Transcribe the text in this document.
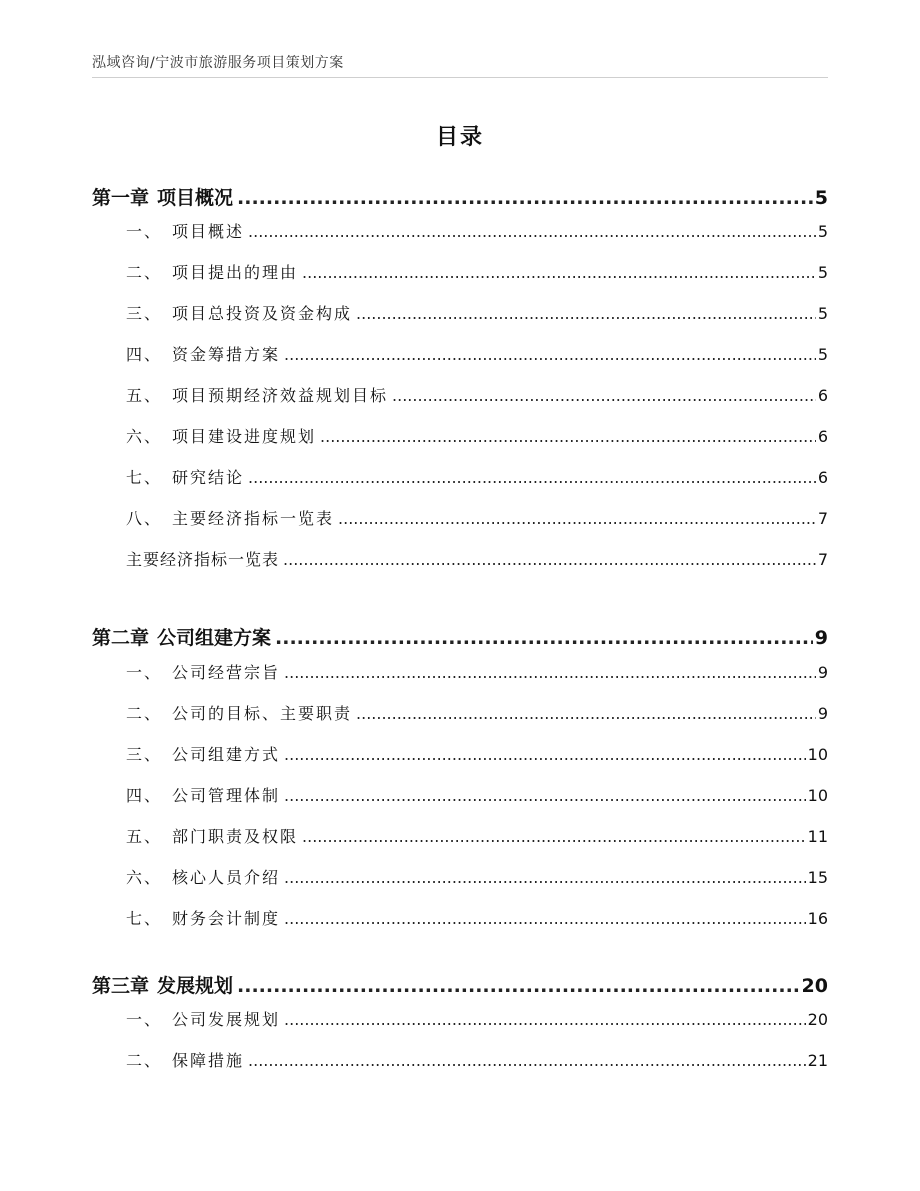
泓域咨询/宁波市旅游服务项目策划方案
目录
第一章 项目概况 .....	5
一、 项目概述 .....	5
二、 项目提出的理由 .....	5
三、 项目总投资及资金构成 .....	5
四、 资金筹措方案 .....	5
五、 项目预期经济效益规划目标 .....	6
六、 项目建设进度规划 .....	6
七、 研究结论 .....	6
八、 主要经济指标一览表 .....	7
主要经济指标一览表 .....	7
第二章 公司组建方案 .....	9
一、 公司经营宗旨 .....	9
二、 公司的目标、主要职责 .....	9
三、 公司组建方式 .....	10
四、 公司管理体制 .....	10
五、 部门职责及权限 .....	11
六、 核心人员介绍 .....	15
七、 财务会计制度 .....	16
第三章 发展规划 .....	20
一、 公司发展规划 .....	20
二、 保障措施 .....	21
